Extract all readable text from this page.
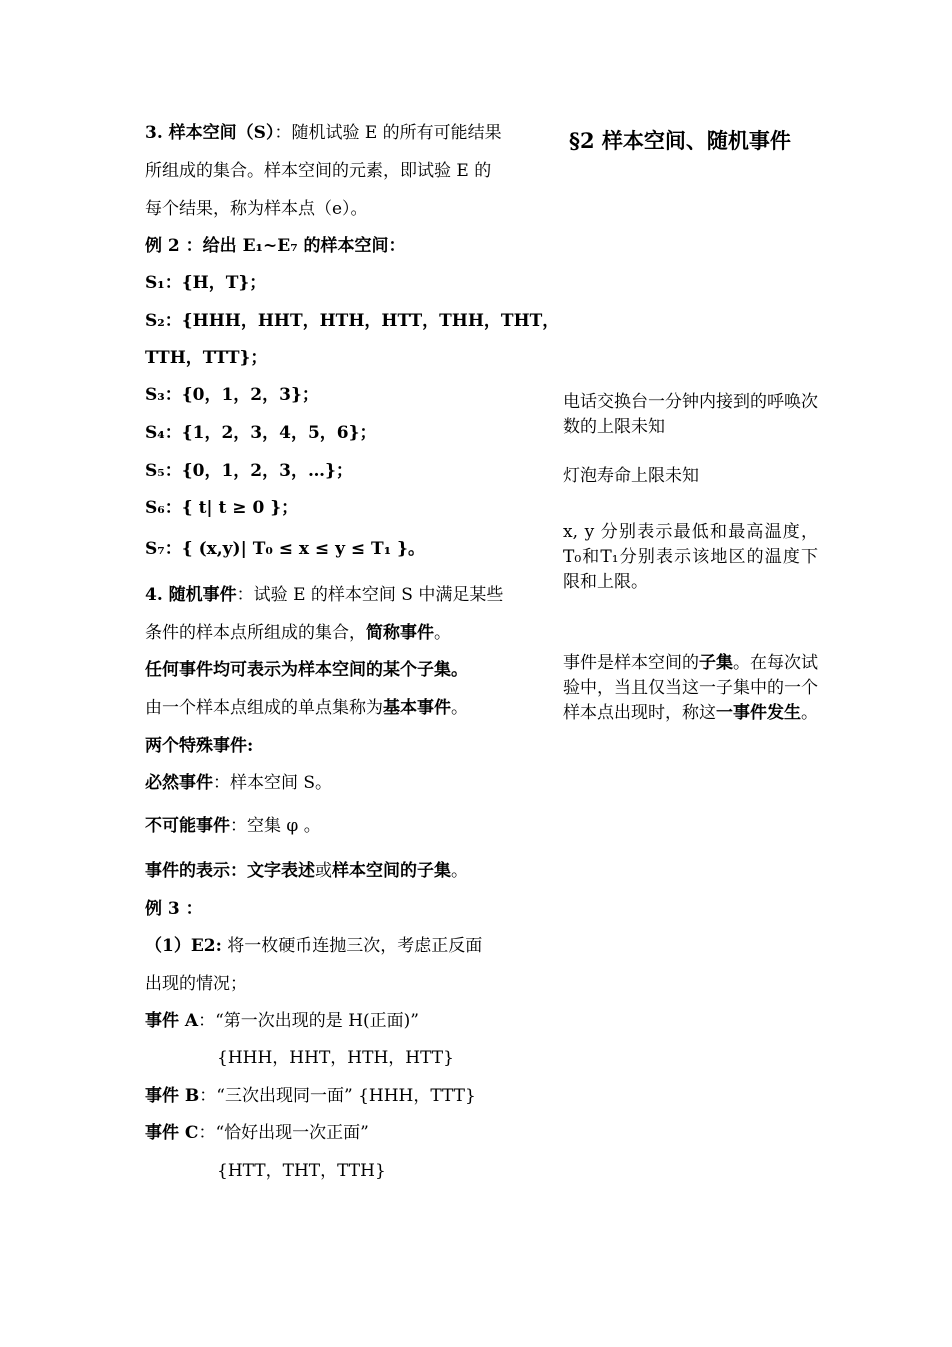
3. 样本空间（S）：随机试验 E 的所有可能结果
所组成的集合。样本空间的元素，即试验 E 的
每个结果，称为样本点（e）。
例 2 ：给出 E₁~E₇ 的样本空间：
S₁：{H，T}；
S₂：{HHH，HHT，HTH，HTT，THH，THT，
TTH，TTT}；
S₃：{0，1，2，3}；
S₄：{1，2，3，4，5，6}；
S₅：{0，1，2，3，…}；
S₆：{ t| t ≥ 0 }；
S₇：{ (x,y)| T₀ ≤ x ≤ y ≤ T₁ }。
4. 随机事件：试验 E 的样本空间 S 中满足某些
条件的样本点所组成的集合，简称事件。
任何事件均可表示为样本空间的某个子集。
由一个样本点组成的单点集称为基本事件。
两个特殊事件:
必然事件：样本空间 S。
不可能事件：空集 φ 。
事件的表示：文字表述或样本空间的子集。
例 3 ：
（1）E2: 将一枚硬币连抛三次，考虑正反面
出现的情况；
事件 A：“第一次出现的是 H(正面)”
{HHH，HHT，HTH，HTT}
事件 B：“三次出现同一面” {HHH，TTT}
事件 C：“恰好出现一次正面”
{HTT，THT，TTH}
§2 样本空间、随机事件
电话交换台一分钟内接到的呼唤次数的上限未知
灯泡寿命上限未知
x, y 分别表示最低和最高温度， T₀和T₁分别表示该地区的温度下限和上限。
事件是样本空间的子集。在每次试验中，当且仅当这一子集中的一个样本点出现时，称这一事件发生。
